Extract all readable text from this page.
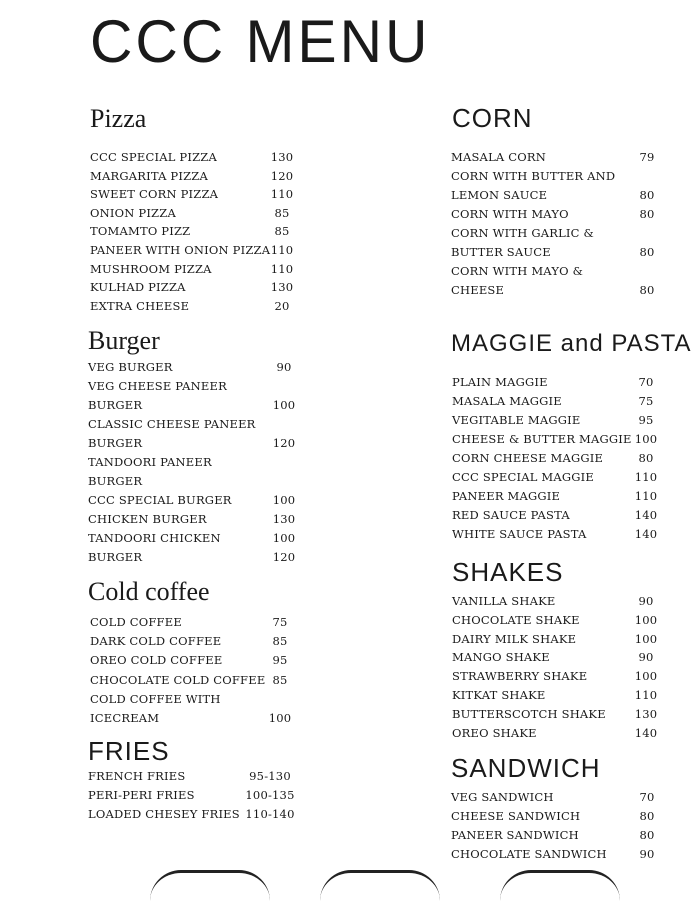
CCC MENU
Pizza
Burger
Cold coffee
FRIES
CORN
MAGGIE and PASTA
SHAKES
SANDWICH
CCC SPECIAL PIZZA	130
MARGARITA PIZZA	120
SWEET CORN PIZZA	110
ONION PIZZA	85
TOMAMTO PIZZ	85
PANEER WITH ONION PIZZA 110
MUSHROOM PIZZA	110
KULHAD PIZZA	130
EXTRA CHEESE	20
VEG BURGER	90
VEG CHEESE PANEER
BURGER	100
CLASSIC CHEESE PANEER
BURGER	120
TANDOORI PANEER
BURGER
CCC SPECIAL BURGER	100
CHICKEN BURGER	130
TANDOORI CHICKEN	100
BURGER	120
COLD COFFEE	75
DARK COLD COFFEE	85
OREO COLD COFFEE	95
CHOCOLATE COLD COFFEE 85
COLD COFFEE WITH
ICECREAM	100
FRENCH FRIES	95-130
PERI-PERI FRIES	100-135
LOADED CHESEY FRIES 110-140
MASALA CORN	79
CORN WITH BUTTER AND
LEMON SAUCE	80
CORN WITH MAYO	80
CORN WITH GARLIC &
BUTTER SAUCE	80
CORN WITH MAYO &
CHEESE	80
PLAIN MAGGIE	70
MASALA MAGGIE	75
VEGITABLE MAGGIE	95
CHEESE & BUTTER MAGGIE 100
CORN CHEESE MAGGIE	80
CCC SPECIAL MAGGIE	110
PANEER MAGGIE	110
RED SAUCE PASTA	140
WHITE SAUCE PASTA	140
VANILLA SHAKE	90
CHOCOLATE SHAKE	100
DAIRY MILK SHAKE	100
MANGO SHAKE	90
STRAWBERRY SHAKE	100
KITKAT SHAKE	110
BUTTERSCOTCH SHAKE	130
OREO SHAKE	140
VEG SANDWICH	70
CHEESE SANDWICH	80
PANEER SANDWICH	80
CHOCOLATE SANDWICH	90
